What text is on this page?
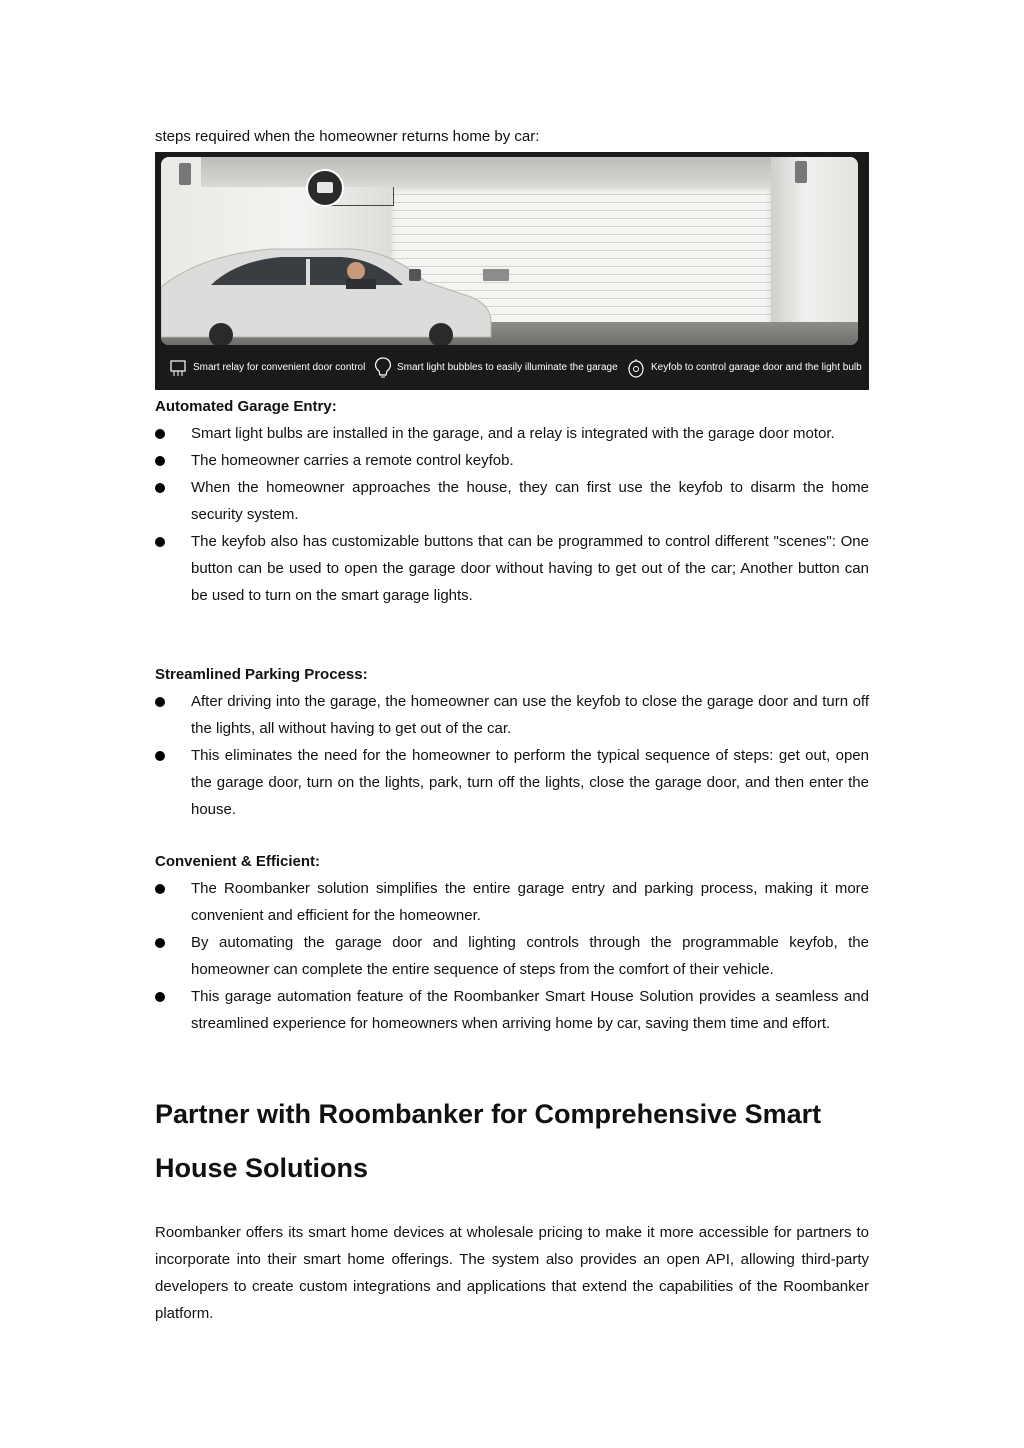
steps required when the homeowner returns home by car:
Smart relay for convenient door control	Smart light bubbles to easily illuminate the garage	Keyfob to control garage door and the light bulb
Automated Garage Entry:
Smart light bulbs are installed in the garage, and a relay is integrated with the garage door motor.
The homeowner carries a remote control keyfob.
When the homeowner approaches the house, they can first use the keyfob to disarm the home security system.
The keyfob also has customizable buttons that can be programmed to control different "scenes": One button can be used to open the garage door without having to get out of the car; Another button can be used to turn on the smart garage lights.
Streamlined Parking Process:
After driving into the garage, the homeowner can use the keyfob to close the garage door and turn off the lights, all without having to get out of the car.
This eliminates the need for the homeowner to perform the typical sequence of steps: get out, open the garage door, turn on the lights, park, turn off the lights, close the garage door, and then enter the house.
Convenient & Efficient:
The Roombanker solution simplifies the entire garage entry and parking process, making it more convenient and efficient for the homeowner.
By automating the garage door and lighting controls through the programmable keyfob, the homeowner can complete the entire sequence of steps from the comfort of their vehicle.
This garage automation feature of the Roombanker Smart House Solution provides a seamless and streamlined experience for homeowners when arriving home by car, saving them time and effort.
Partner with Roombanker for Comprehensive Smart House Solutions
Roombanker offers its smart home devices at wholesale pricing to make it more accessible for partners to incorporate into their smart home offerings. The system also provides an open API, allowing third-party developers to create custom integrations and applications that extend the capabilities of the Roombanker platform.
